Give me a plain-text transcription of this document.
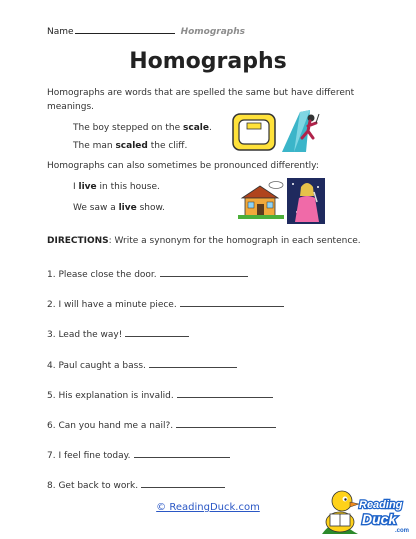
Name	Homographs
Homographs
Homographs are words that are spelled the same but have different meanings.
The boy stepped on the scale.
The man scaled the cliff.
Homographs can also sometimes be pronounced differently:
I live in this house.
We saw a live show.
DIRECTIONS: Write a synonym for the homograph in each sentence.
1. Please close the door.
2. I will have a minute piece.
3. Lead the way!
4. Paul caught a bass.
5. His explanation is invalid.
6. Can you hand me a nail?.
7. I feel fine today.
8. Get back to work.
© ReadingDuck.com	Reading
Duck
.com
